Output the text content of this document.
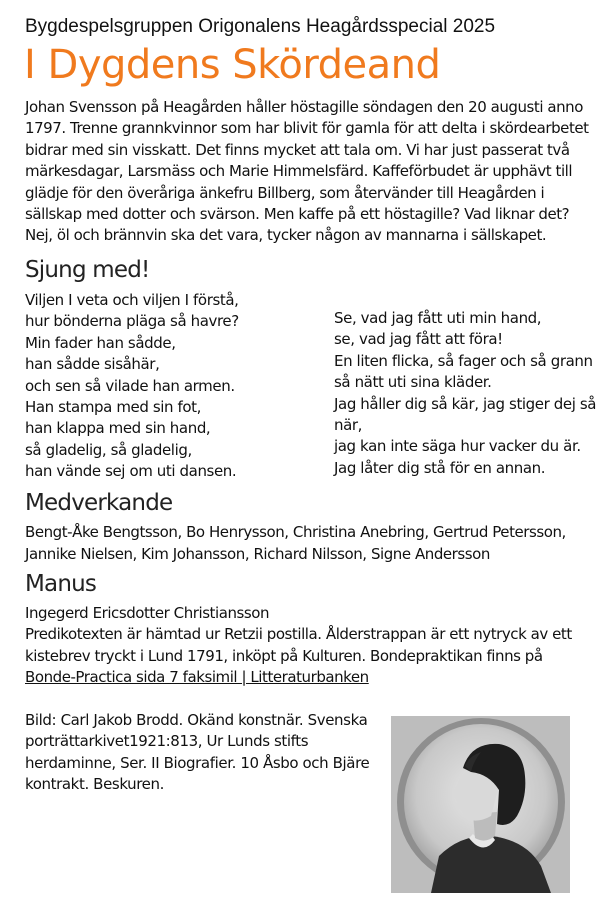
Bygdespelsgruppen Origonalens Heagårdsspecial 2025
I Dygdens Skördeand
Johan Svensson på Heagården håller höstagille söndagen den 20 augusti anno 1797. Trenne grannkvinnor som har blivit för gamla för att delta i skördearbetet bidrar med sin visskatt. Det finns mycket att tala om. Vi har just passerat två märkesdagar, Larsmäss och Marie Himmelsfärd. Kaffeförbudet är upphävt till glädje för den överåriga änkefru Billberg, som återvänder till Heagården i sällskap med dotter och svärson. Men kaffe på ett höstagille? Vad liknar det? Nej, öl och brännvin ska det vara, tycker någon av mannarna i sällskapet.
Sjung med!
Viljen I veta och viljen I förstå,
hur bönderna pläga så havre?
Min fader han sådde,
han sådde sisåhär,
och sen så vilade han armen.
Han stampa med sin fot,
han klappa med sin hand,
så gladelig, så gladelig,
han vände sej om uti dansen.
Se, vad jag fått uti min hand,
se, vad jag fått att föra!
En liten flicka, så fager och så grann
så nätt uti sina kläder.
Jag håller dig så kär, jag stiger dej så
när,
jag kan inte säga hur vacker du är.
Jag låter dig stå för en annan.
Medverkande
Bengt-Åke Bengtsson, Bo Henrysson, Christina Anebring, Gertrud Petersson, Jannike Nielsen, Kim Johansson, Richard Nilsson, Signe Andersson
Manus
Ingegerd Ericsdotter Christiansson
Predikotexten är hämtad ur Retzii postilla. Ålderstrappan är ett nytryck av ett kistebrev tryckt i Lund 1791, inköpt på Kulturen. Bondepraktikan finns på Bonde-Practica sida 7 faksimil | Litteraturbanken
Bild: Carl Jakob Brodd. Okänd konstnär. Svenska porträttarkivet1921:813, Ur Lunds stifts herdaminne, Ser. II Biografier. 10 Åsbo och Bjäre kontrakt. Beskuren.
